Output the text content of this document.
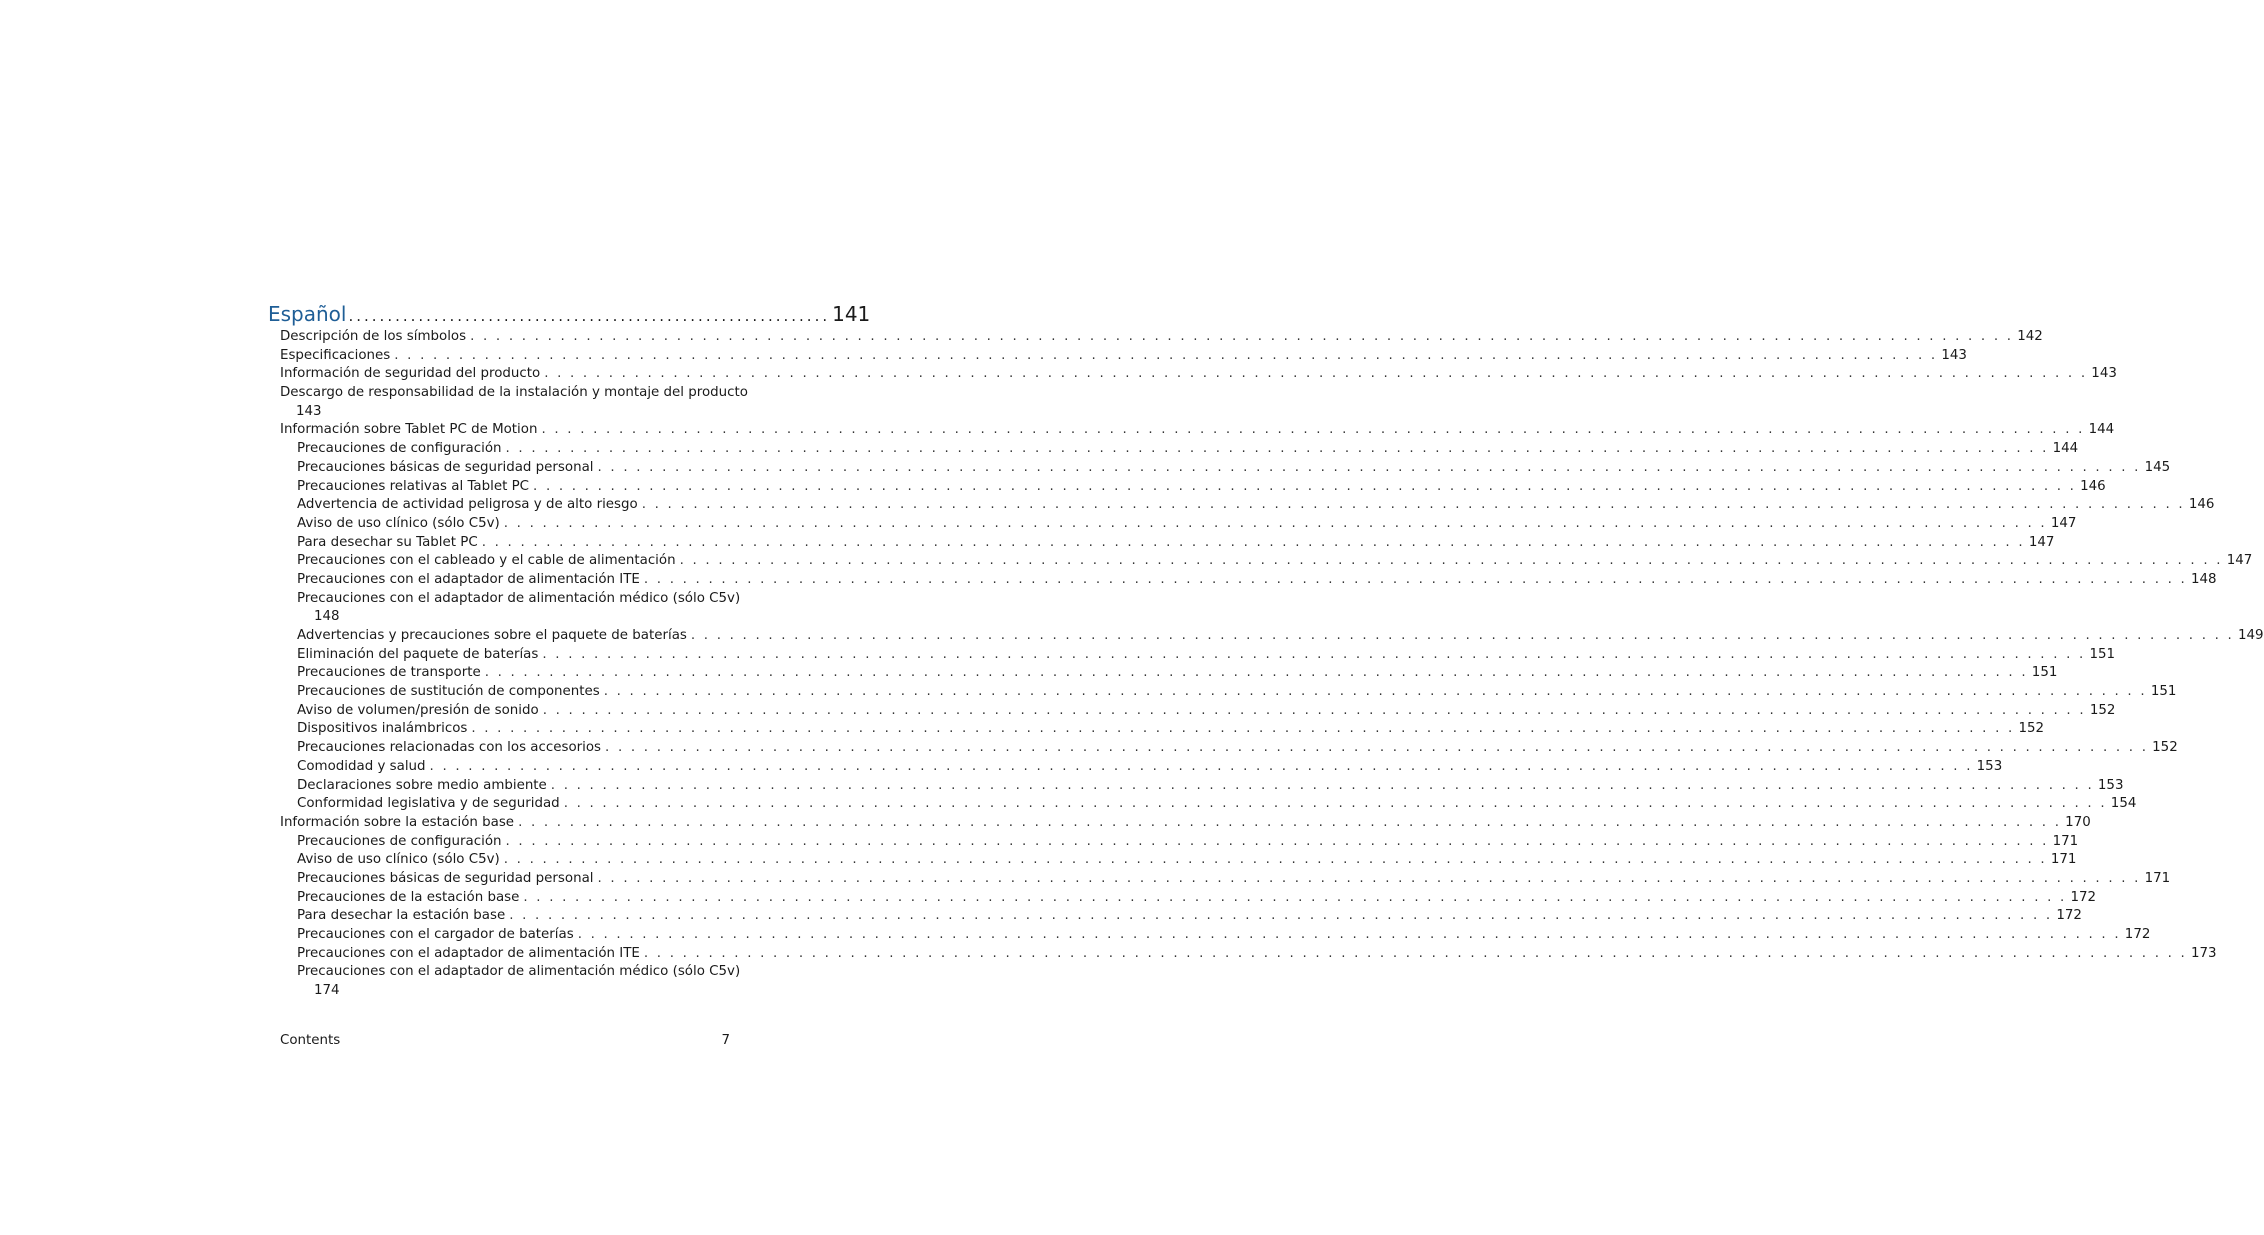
Español .............................................................. 141
Descripción de los símbolos . . . . . . . . . . . . . . . . . . . . . . . . . . . . . . . . . . . . . . . . . . . . . . . . . . . . . . . . . . . . . . . . . . . . . . . . . . . . . . . . . . . . . . . . . . . . . . . . . . . . . . . . . . . . . . . . . . . . . . . . 142
Especificaciones . . . . . . . . . . . . . . . . . . . . . . . . . . . . . . . . . . . . . . . . . . . . . . . . . . . . . . . . . . . . . . . . . . . . . . . . . . . . . . . . . . . . . . . . . . . . . . . . . . . . . . . . . . . . . . . . . . . . . . . . 143
Información de seguridad del producto . . . . . . . . . . . . . . . . . . . . . . . . . . . . . . . . . . . . . . . . . . . . . . . . . . . . . . . . . . . . . . . . . . . . . . . . . . . . . . . . . . . . . . . . . . . . . . . . . . . . . . . . . . . . . . . . . . . . . . . . 143
Descargo de responsabilidad de la instalación y montaje del producto
143
Información sobre Tablet PC de Motion . . . . . . . . . . . . . . . . . . . . . . . . . . . . . . . . . . . . . . . . . . . . . . . . . . . . . . . . . . . . . . . . . . . . . . . . . . . . . . . . . . . . . . . . . . . . . . . . . . . . . . . . . . . . . . . . . . . . . . . . 144
Precauciones de configuración . . . . . . . . . . . . . . . . . . . . . . . . . . . . . . . . . . . . . . . . . . . . . . . . . . . . . . . . . . . . . . . . . . . . . . . . . . . . . . . . . . . . . . . . . . . . . . . . . . . . . . . . . . . . . . . . . . . . . . . . 144
Precauciones básicas de seguridad personal . . . . . . . . . . . . . . . . . . . . . . . . . . . . . . . . . . . . . . . . . . . . . . . . . . . . . . . . . . . . . . . . . . . . . . . . . . . . . . . . . . . . . . . . . . . . . . . . . . . . . . . . . . . . . . . . . . . . . . . . 145
Precauciones relativas al Tablet PC . . . . . . . . . . . . . . . . . . . . . . . . . . . . . . . . . . . . . . . . . . . . . . . . . . . . . . . . . . . . . . . . . . . . . . . . . . . . . . . . . . . . . . . . . . . . . . . . . . . . . . . . . . . . . . . . . . . . . . . . 146
Advertencia de actividad peligrosa y de alto riesgo . . . . . . . . . . . . . . . . . . . . . . . . . . . . . . . . . . . . . . . . . . . . . . . . . . . . . . . . . . . . . . . . . . . . . . . . . . . . . . . . . . . . . . . . . . . . . . . . . . . . . . . . . . . . . . . . . . . . . . . . 146
Aviso de uso clínico (sólo C5v) . . . . . . . . . . . . . . . . . . . . . . . . . . . . . . . . . . . . . . . . . . . . . . . . . . . . . . . . . . . . . . . . . . . . . . . . . . . . . . . . . . . . . . . . . . . . . . . . . . . . . . . . . . . . . . . . . . . . . . . . 147
Para desechar su Tablet PC . . . . . . . . . . . . . . . . . . . . . . . . . . . . . . . . . . . . . . . . . . . . . . . . . . . . . . . . . . . . . . . . . . . . . . . . . . . . . . . . . . . . . . . . . . . . . . . . . . . . . . . . . . . . . . . . . . . . . . . . 147
Precauciones con el cableado y el cable de alimentación . . . . . . . . . . . . . . . . . . . . . . . . . . . . . . . . . . . . . . . . . . . . . . . . . . . . . . . . . . . . . . . . . . . . . . . . . . . . . . . . . . . . . . . . . . . . . . . . . . . . . . . . . . . . . . . . . . . . . . . . 147
Precauciones con el adaptador de alimentación ITE . . . . . . . . . . . . . . . . . . . . . . . . . . . . . . . . . . . . . . . . . . . . . . . . . . . . . . . . . . . . . . . . . . . . . . . . . . . . . . . . . . . . . . . . . . . . . . . . . . . . . . . . . . . . . . . . . . . . . . . . 148
Precauciones con el adaptador de alimentación médico (sólo C5v)
148
Advertencias y precauciones sobre el paquete de baterías . . . . . . . . . . . . . . . . . . . . . . . . . . . . . . . . . . . . . . . . . . . . . . . . . . . . . . . . . . . . . . . . . . . . . . . . . . . . . . . . . . . . . . . . . . . . . . . . . . . . . . . . . . . . . . . . . . . . . . . . 149
Eliminación del paquete de baterías . . . . . . . . . . . . . . . . . . . . . . . . . . . . . . . . . . . . . . . . . . . . . . . . . . . . . . . . . . . . . . . . . . . . . . . . . . . . . . . . . . . . . . . . . . . . . . . . . . . . . . . . . . . . . . . . . . . . . . . . 151
Precauciones de transporte . . . . . . . . . . . . . . . . . . . . . . . . . . . . . . . . . . . . . . . . . . . . . . . . . . . . . . . . . . . . . . . . . . . . . . . . . . . . . . . . . . . . . . . . . . . . . . . . . . . . . . . . . . . . . . . . . . . . . . . . 151
Precauciones de sustitución de componentes . . . . . . . . . . . . . . . . . . . . . . . . . . . . . . . . . . . . . . . . . . . . . . . . . . . . . . . . . . . . . . . . . . . . . . . . . . . . . . . . . . . . . . . . . . . . . . . . . . . . . . . . . . . . . . . . . . . . . . . . 151
Aviso de volumen/presión de sonido . . . . . . . . . . . . . . . . . . . . . . . . . . . . . . . . . . . . . . . . . . . . . . . . . . . . . . . . . . . . . . . . . . . . . . . . . . . . . . . . . . . . . . . . . . . . . . . . . . . . . . . . . . . . . . . . . . . . . . . . 152
Dispositivos inalámbricos . . . . . . . . . . . . . . . . . . . . . . . . . . . . . . . . . . . . . . . . . . . . . . . . . . . . . . . . . . . . . . . . . . . . . . . . . . . . . . . . . . . . . . . . . . . . . . . . . . . . . . . . . . . . . . . . . . . . . . . . 152
Precauciones relacionadas con los accesorios . . . . . . . . . . . . . . . . . . . . . . . . . . . . . . . . . . . . . . . . . . . . . . . . . . . . . . . . . . . . . . . . . . . . . . . . . . . . . . . . . . . . . . . . . . . . . . . . . . . . . . . . . . . . . . . . . . . . . . . . 152
Comodidad y salud . . . . . . . . . . . . . . . . . . . . . . . . . . . . . . . . . . . . . . . . . . . . . . . . . . . . . . . . . . . . . . . . . . . . . . . . . . . . . . . . . . . . . . . . . . . . . . . . . . . . . . . . . . . . . . . . . . . . . . . . 153
Declaraciones sobre medio ambiente . . . . . . . . . . . . . . . . . . . . . . . . . . . . . . . . . . . . . . . . . . . . . . . . . . . . . . . . . . . . . . . . . . . . . . . . . . . . . . . . . . . . . . . . . . . . . . . . . . . . . . . . . . . . . . . . . . . . . . . . 153
Conformidad legislativa y de seguridad . . . . . . . . . . . . . . . . . . . . . . . . . . . . . . . . . . . . . . . . . . . . . . . . . . . . . . . . . . . . . . . . . . . . . . . . . . . . . . . . . . . . . . . . . . . . . . . . . . . . . . . . . . . . . . . . . . . . . . . . 154
Información sobre la estación base . . . . . . . . . . . . . . . . . . . . . . . . . . . . . . . . . . . . . . . . . . . . . . . . . . . . . . . . . . . . . . . . . . . . . . . . . . . . . . . . . . . . . . . . . . . . . . . . . . . . . . . . . . . . . . . . . . . . . . . . 170
Precauciones de configuración . . . . . . . . . . . . . . . . . . . . . . . . . . . . . . . . . . . . . . . . . . . . . . . . . . . . . . . . . . . . . . . . . . . . . . . . . . . . . . . . . . . . . . . . . . . . . . . . . . . . . . . . . . . . . . . . . . . . . . . . 171
Aviso de uso clínico (sólo C5v) . . . . . . . . . . . . . . . . . . . . . . . . . . . . . . . . . . . . . . . . . . . . . . . . . . . . . . . . . . . . . . . . . . . . . . . . . . . . . . . . . . . . . . . . . . . . . . . . . . . . . . . . . . . . . . . . . . . . . . . . 171
Precauciones básicas de seguridad personal . . . . . . . . . . . . . . . . . . . . . . . . . . . . . . . . . . . . . . . . . . . . . . . . . . . . . . . . . . . . . . . . . . . . . . . . . . . . . . . . . . . . . . . . . . . . . . . . . . . . . . . . . . . . . . . . . . . . . . . . 171
Precauciones de la estación base . . . . . . . . . . . . . . . . . . . . . . . . . . . . . . . . . . . . . . . . . . . . . . . . . . . . . . . . . . . . . . . . . . . . . . . . . . . . . . . . . . . . . . . . . . . . . . . . . . . . . . . . . . . . . . . . . . . . . . . . 172
Para desechar la estación base . . . . . . . . . . . . . . . . . . . . . . . . . . . . . . . . . . . . . . . . . . . . . . . . . . . . . . . . . . . . . . . . . . . . . . . . . . . . . . . . . . . . . . . . . . . . . . . . . . . . . . . . . . . . . . . . . . . . . . . . 172
Precauciones con el cargador de baterías . . . . . . . . . . . . . . . . . . . . . . . . . . . . . . . . . . . . . . . . . . . . . . . . . . . . . . . . . . . . . . . . . . . . . . . . . . . . . . . . . . . . . . . . . . . . . . . . . . . . . . . . . . . . . . . . . . . . . . . . 172
Precauciones con el adaptador de alimentación ITE . . . . . . . . . . . . . . . . . . . . . . . . . . . . . . . . . . . . . . . . . . . . . . . . . . . . . . . . . . . . . . . . . . . . . . . . . . . . . . . . . . . . . . . . . . . . . . . . . . . . . . . . . . . . . . . . . . . . . . . . 173
Precauciones con el adaptador de alimentación médico (sólo C5v)
174
Contents	7
